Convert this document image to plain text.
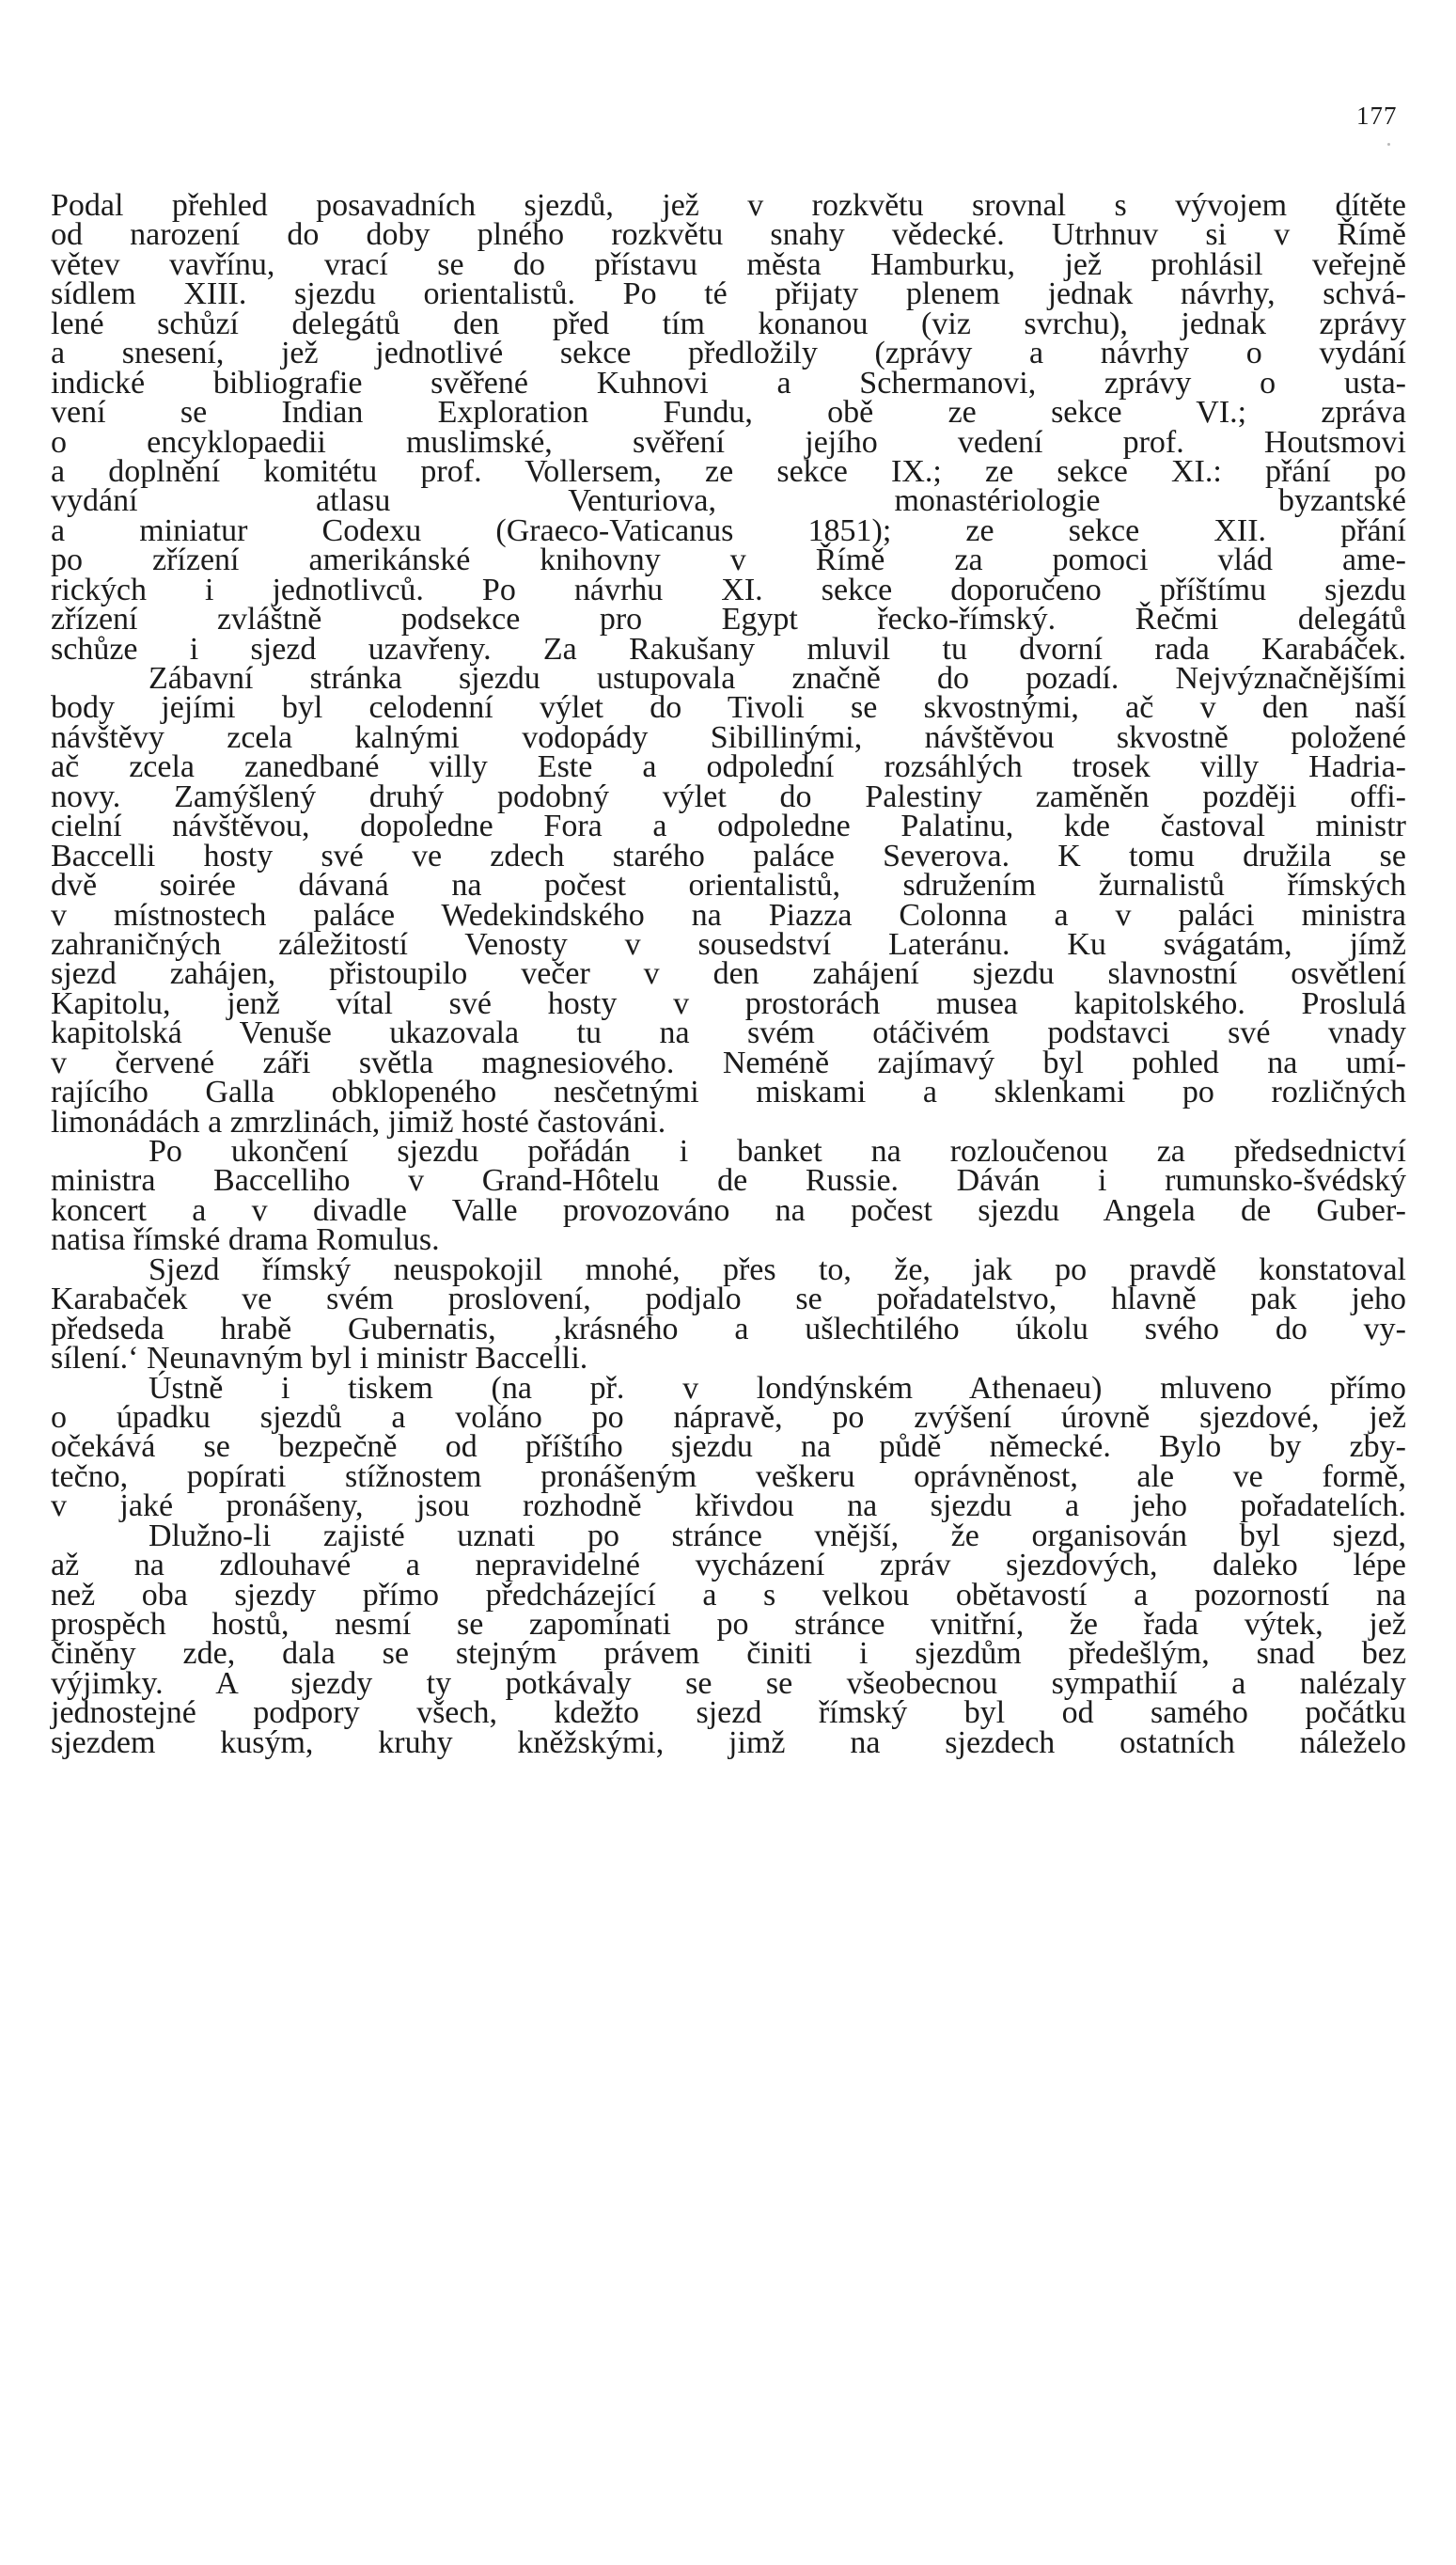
177
Podal přehled posavadních sjezdů, jež v rozkvětu srovnal s vývojem dítěte
od narození do doby plného rozkvětu snahy vědecké. Utrhnuv si v Římě
větev vavřínu, vrací se do přístavu města Hamburku, jež prohlásil veřejně
sídlem XIII. sjezdu orientalistů. Po té přijaty plenem jednak návrhy, schvá-
lené schůzí delegátů den před tím konanou (viz svrchu), jednak zprávy
a snesení, jež jednotlivé sekce předložily (zprávy a návrhy o vydání
indické bibliografie svěřené Kuhnovi a Schermanovi, zprávy o usta-
vení se Indian Exploration Fundu, obě ze sekce VI.; zpráva
o encyklopaedii muslimské, svěření jejího vedení prof. Houtsmovi
a doplnění komitétu prof. Vollersem, ze sekce IX.; ze sekce XI.: přání po
vydání atlasu Venturiova, monastériologie byzantské
a miniatur Codexu (Graeco-Vaticanus 1851); ze sekce XII. přání
po zřízení amerikánské knihovny v Římě za pomoci vlád ame-
rických i jednotlivců. Po návrhu XI. sekce doporučeno příštímu sjezdu
zřízení zvláštně podsekce pro Egypt řecko-římský. Řečmi delegátů
schůze i sjezd uzavřeny. Za Rakušany mluvil tu dvorní rada Karabáček.
Zábavní stránka sjezdu ustupovala značně do pozadí. Nejvýznačnějšími
body jejími byl celodenní výlet do Tivoli se skvostnými, ač v den naší
návštěvy zcela kalnými vodopády Sibillinými, návštěvou skvostně položené
ač zcela zanedbané villy Este a odpolední rozsáhlých trosek villy Hadria-
novy. Zamýšlený druhý podobný výlet do Palestiny zaměněn později offi-
cielní návštěvou, dopoledne Fora a odpoledne Palatinu, kde častoval ministr
Baccelli hosty své ve zdech starého paláce Severova. K tomu družila se
dvě soirée dávaná na počest orientalistů, sdružením žurnalistů římských
v místnostech paláce Wedekindského na Piazza Colonna a v paláci ministra
zahraničných záležitostí Venosty v sousedství Lateránu. Ku svágatám, jímž
sjezd zahájen, přistoupilo večer v den zahájení sjezdu slavnostní osvětlení
Kapitolu, jenž vítal své hosty v prostorách musea kapitolského. Proslulá
kapitolská Venuše ukazovala tu na svém otáčivém podstavci své vnady
v červené záři světla magnesiového. Neméně zajímavý byl pohled na umí-
rajícího Galla obklopeného nesčetnými miskami a sklenkami po rozličných
limonádách a zmrzlinách, jimiž hosté častováni.
Po ukončení sjezdu pořádán i banket na rozloučenou za předsednictví
ministra Baccelliho v Grand-Hôtelu de Russie. Dáván i rumunsko-švédský
koncert a v divadle Valle provozováno na počest sjezdu Angela de Guber-
natisa římské drama Romulus.
Sjezd římský neuspokojil mnohé, přes to, že, jak po pravdě konstatoval
Karabaček ve svém proslovení, podjalo se pořadatelstvo, hlavně pak jeho
předseda hrabě Gubernatis, ‚krásného a ušlechtilého úkolu svého do vy-
sílení.‘ Neunavným byl i ministr Baccelli.
Ústně i tiskem (na př. v londýnském Athenaeu) mluveno přímo
o úpadku sjezdů a voláno po nápravě, po zvýšení úrovně sjezdové, jež
očekává se bezpečně od příštího sjezdu na půdě německé. Bylo by zby-
tečno, popírati stížnostem pronášeným veškeru oprávněnost, ale ve formě,
v jaké pronášeny, jsou rozhodně křivdou na sjezdu a jeho pořadatelích.
Dlužno-li zajisté uznati po stránce vnější, že organisován byl sjezd,
až na zdlouhavé a nepravidelné vycházení zpráv sjezdových, daleko lépe
než oba sjezdy přímo předcházející a s velkou obětavostí a pozorností na
prospěch hostů, nesmí se zapomínati po stránce vnitřní, že řada výtek, jež
činěny zde, dala se stejným právem činiti i sjezdům předešlým, snad bez
výjimky. A sjezdy ty potkávaly se se všeobecnou sympathií a nalézaly
jednostejné podpory všech, kdežto sjezd římský byl od samého počátku
sjezdem kusým, kruhy kněžskými, jimž na sjezdech ostatních náleželo
